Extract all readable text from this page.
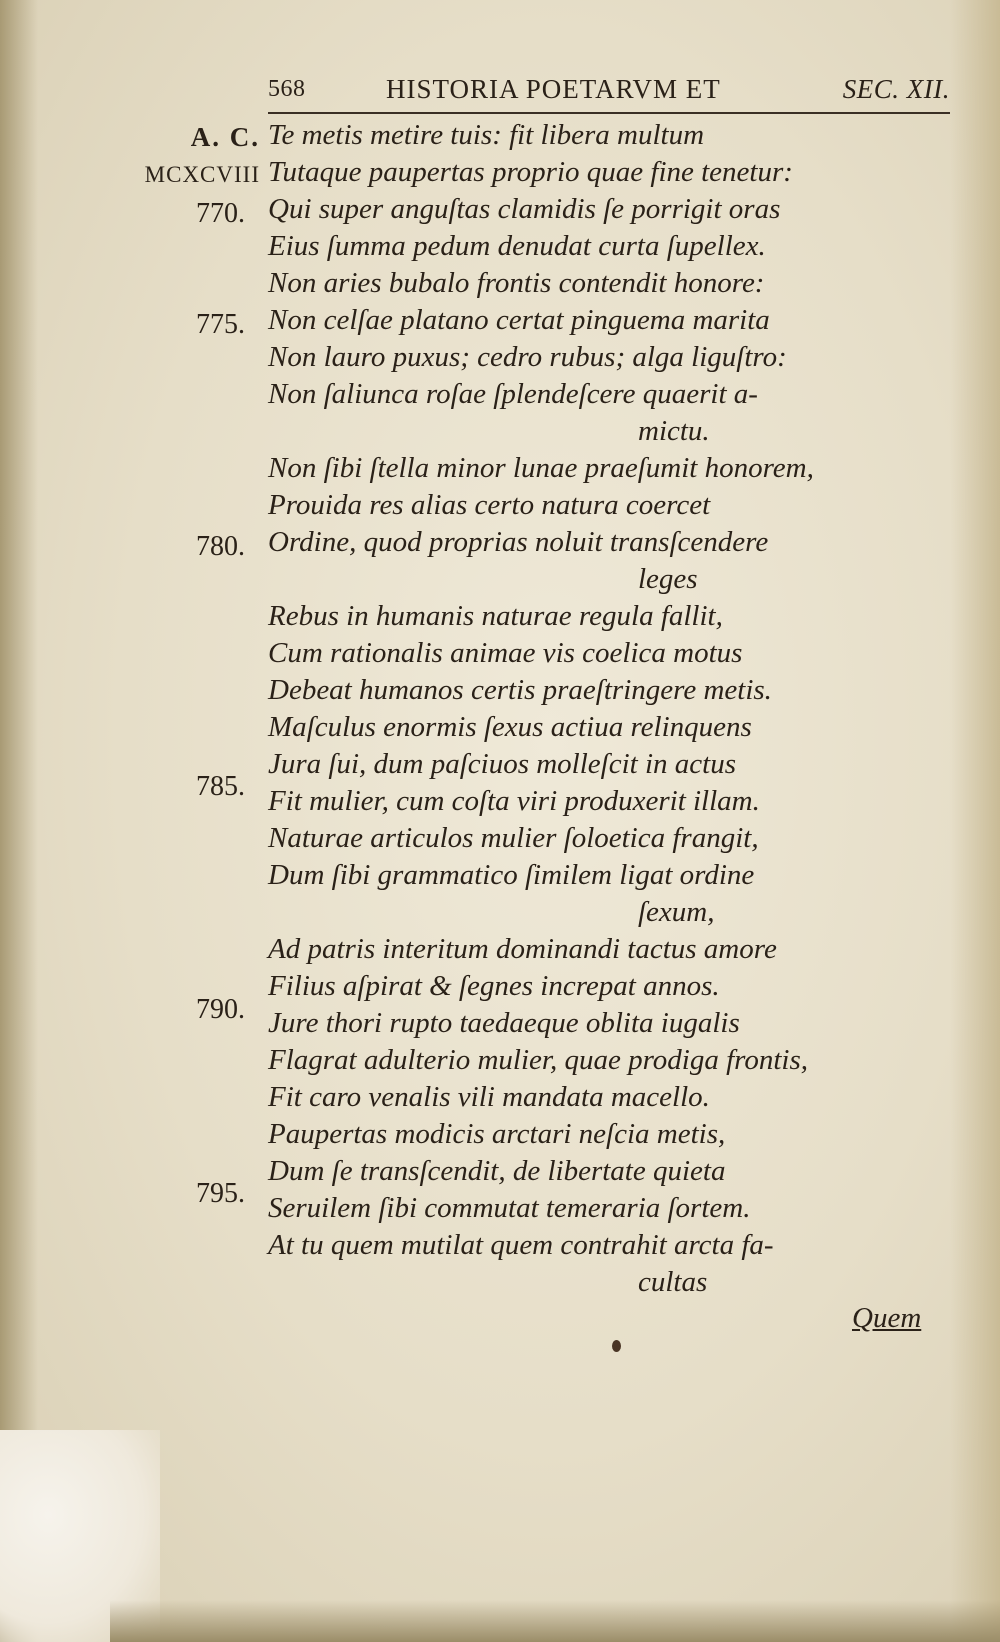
568	HISTORIA POETARVM ET	SEC. XII.
A. C.
MCXCVIII
770.
775.
780.
785.
790.
795.
Te metis metire tuis: fit libera multum
Tutaque paupertas proprio quae fine tenetur:
Qui super anguſtas clamidis ſe porrigit oras
Eius ſumma pedum denudat curta ſupellex.
Non aries bubalo frontis contendit honore:
Non celſae platano certat pinguema marita
Non lauro puxus; cedro rubus; alga liguſtro:
Non ſaliunca roſae ſplendeſcere quaerit a-
mictu.
Non ſibi ſtella minor lunae praeſumit honorem,
Prouida res alias certo natura coercet
Ordine, quod proprias noluit transſcendere
leges
Rebus in humanis naturae regula fallit,
Cum rationalis animae vis coelica motus
Debeat humanos certis praeſtringere metis.
Maſculus enormis ſexus actiua relinquens
Jura ſui, dum paſciuos molleſcit in actus
Fit mulier, cum coſta viri produxerit illam.
Naturae articulos mulier ſoloetica frangit,
Dum ſibi grammatico ſimilem ligat ordine
ſexum,
Ad patris interitum dominandi tactus amore
Filius aſpirat & ſegnes increpat annos.
Jure thori rupto taedaeque oblita iugalis
Flagrat adulterio mulier, quae prodiga frontis,
Fit caro venalis vili mandata macello.
Paupertas modicis arctari neſcia metis,
Dum ſe transſcendit, de libertate quieta
Seruilem ſibi commutat temeraria ſortem.
At tu quem mutilat quem contrahit arcta fa-
cultas
Quem
